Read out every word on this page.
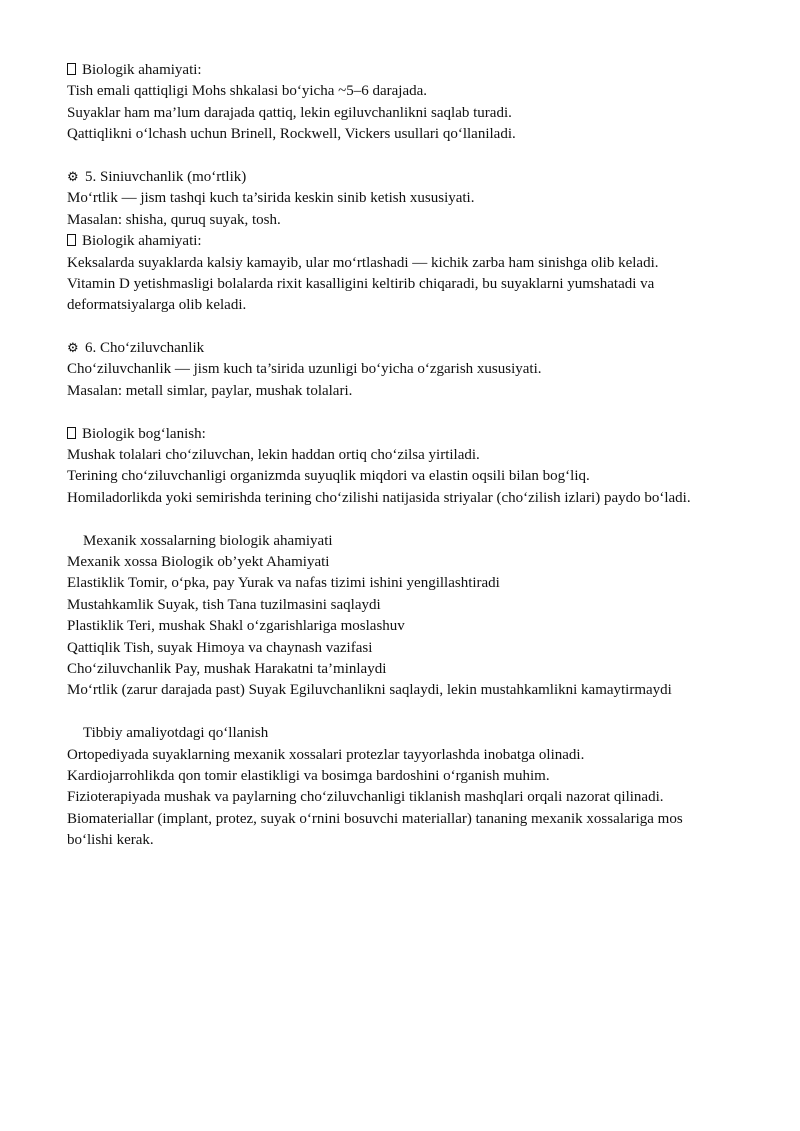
Biologik ahamiyati:
Tish emali qattiqligi Mohs shkalasi bo‘yicha ~5–6 darajada.
Suyaklar ham ma’lum darajada qattiq, lekin egiluvchanlikni saqlab turadi.
Qattiqlikni o‘lchash uchun Brinell, Rockwell, Vickers usullari qo‘llaniladi.
⚙ 5. Siniuvchanlik (mo‘rtlik)
Mo‘rtlik — jism tashqi kuch ta’sirida keskin sinib ketish xususiyati.
Masalan: shisha, quruq suyak, tosh.
Biologik ahamiyati:
Keksalarda suyaklarda kalsiy kamayib, ular mo‘rtlashadi — kichik zarba ham sinishga olib keladi.
Vitamin D yetishmasligi bolalarda rixit kasalligini keltirib chiqaradi, bu suyaklarni yumshatadi va
deformatsiyalarga olib keladi.
⚙ 6. Cho‘ziluvchanlik
Cho‘ziluvchanlik — jism kuch ta’sirida uzunligi bo‘yicha o‘zgarish xususiyati.
Masalan: metall simlar, paylar, mushak tolalari.
Biologik bog‘lanish:
Mushak tolalari cho‘ziluvchan, lekin haddan ortiq cho‘zilsa yirtiladi.
Terining cho‘ziluvchanligi organizmda suyuqlik miqdori va elastin oqsili bilan bog‘liq.
Homiladorlikda yoki semirishda terining cho‘zilishi natijasida striyalar (cho‘zilish izlari) paydo bo‘ladi.
Mexanik xossalarning biologik ahamiyati
Mexanik xossa Biologik ob’yekt Ahamiyati
Elastiklik Tomir, o‘pka, pay Yurak va nafas tizimi ishini yengillashtiradi
Mustahkamlik Suyak, tish Tana tuzilmasini saqlaydi
Plastiklik Teri, mushak Shakl o‘zgarishlariga moslashuv
Qattiqlik Tish, suyak Himoya va chaynash vazifasi
Cho‘ziluvchanlik Pay, mushak Harakatni ta’minlaydi
Mo‘rtlik (zarur darajada past) Suyak Egiluvchanlikni saqlaydi, lekin mustahkamlikni kamaytirmaydi
Tibbiy amaliyotdagi qo‘llanish
Ortopediyada suyaklarning mexanik xossalari protezlar tayyorlashda inobatga olinadi.
Kardiojarrohlikda qon tomir elastikligi va bosimga bardoshini o‘rganish muhim.
Fizioterapiyada mushak va paylarning cho‘ziluvchanligi tiklanish mashqlari orqali nazorat qilinadi.
Biomateriallar (implant, protez, suyak o‘rnini bosuvchi materiallar) tananing mexanik xossalariga mos
bo‘lishi kerak.
